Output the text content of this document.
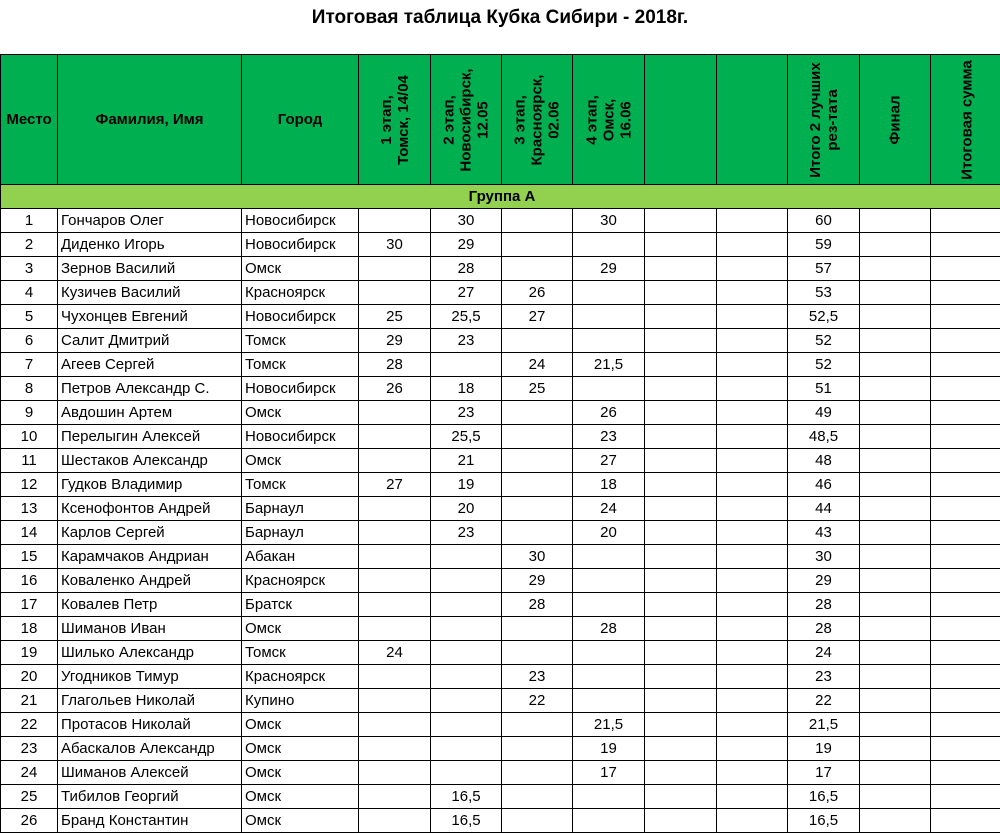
Итоговая таблица Кубка Сибири - 2018г.
Место	Фамилия, Имя	Город	1 этап,
Томск, 14/04	2 этап,
Новосибирск,
12.05	3 этап,
Красноярск,
02.06	4 этап,
Омск,
16.06			Итого 2 лучших
рез-тата	Финал	Итоговая сумма

Группа А											
1	Гончаров Олег	Новосибирск		30		30			60		
2	Диденко Игорь	Новосибирск	30	29					59		
3	Зернов Василий	Омск		28		29			57		
4	Кузичев Василий	Красноярск		27	26				53		
5	Чухонцев Евгений	Новосибирск	25	25,5	27				52,5		
6	Салит Дмитрий	Томск	29	23					52		
7	Агеев Сергей	Томск	28		24	21,5			52		
8	Петров Александр С.	Новосибирск	26	18	25				51		
9	Авдошин Артем	Омск		23		26			49		
10	Перелыгин Алексей	Новосибирск		25,5		23			48,5		
11	Шестаков Александр	Омск		21		27			48		
12	Гудков Владимир	Томск	27	19		18			46		
13	Ксенофонтов Андрей	Барнаул		20		24			44		
14	Карлов Сергей	Барнаул		23		20			43		
15	Карамчаков Андриан	Абакан			30				30		
16	Коваленко Андрей	Красноярск			29				29		
17	Ковалев Петр	Братск			28				28		
18	Шиманов Иван	Омск				28			28		
19	Шилько Александр	Томск	24						24		
20	Угодников Тимур	Красноярск			23				23		
21	Глагольев Николай	Купино			22				22		
22	Протасов Николай	Омск				21,5			21,5		
23	Абаскалов Александр	Омск				19			19		
24	Шиманов Алексей	Омск				17			17		
25	Тибилов Георгий	Омск		16,5					16,5		
26	Бранд Константин	Омск		16,5					16,5		
